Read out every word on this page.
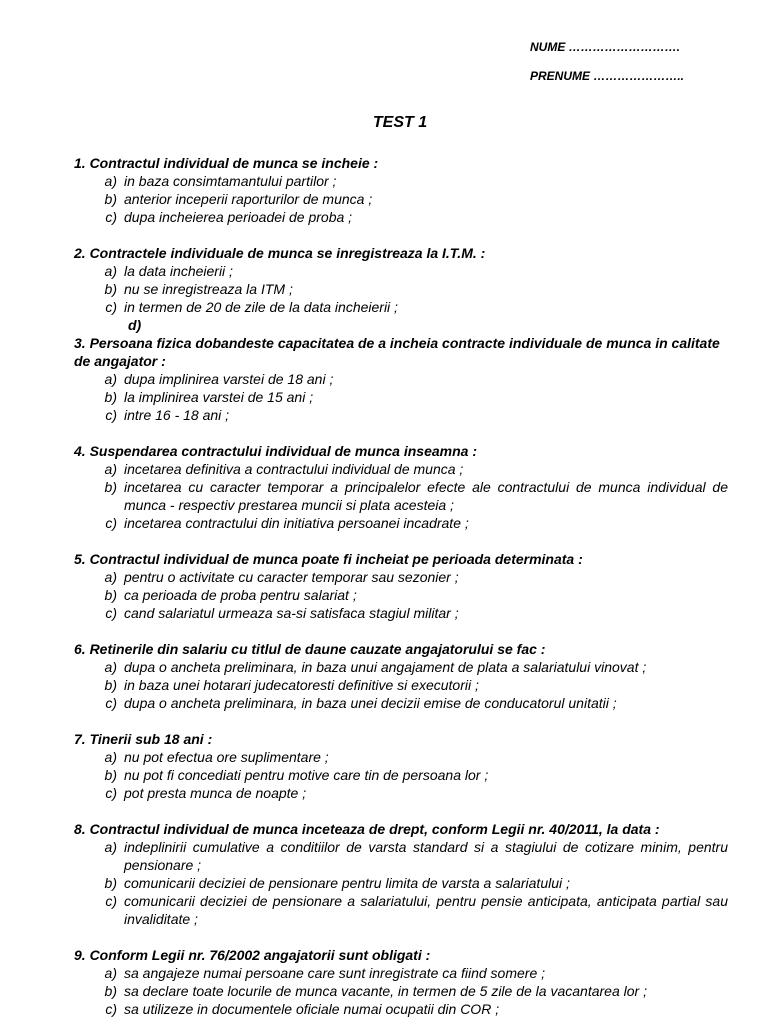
NUME ……………………….
PRENUME …………………..
TEST 1
1. Contractul individual de munca se incheie :
a) in baza consimtamantului partilor ;
b) anterior inceperii raporturilor de munca ;
c) dupa incheierea perioadei de proba ;
2. Contractele individuale de munca se inregistreaza la I.T.M. :
a) la data incheierii ;
b) nu se inregistreaza la ITM ;
c) in termen de 20 de zile de la data incheierii ;
d)
3. Persoana fizica dobandeste capacitatea de a incheia contracte individuale de munca in calitate de angajator :
a) dupa implinirea varstei de 18 ani ;
b) la implinirea varstei de 15 ani ;
c) intre 16 - 18 ani ;
4. Suspendarea contractului individual de munca inseamna :
a) incetarea definitiva a contractului individual de munca ;
b) incetarea cu caracter temporar a principalelor efecte ale contractului de munca individual de munca - respectiv prestarea muncii si plata acesteia ;
c) incetarea contractului din initiativa persoanei incadrate ;
5. Contractul individual de munca poate fi incheiat pe perioada determinata :
a) pentru o activitate cu caracter temporar sau sezonier ;
b) ca perioada de proba pentru salariat ;
c) cand salariatul urmeaza sa-si satisfaca stagiul militar ;
6. Retinerile din salariu cu titlul de daune cauzate angajatorului se fac :
a) dupa o ancheta preliminara, in baza unui angajament de plata a salariatului vinovat ;
b) in baza unei hotarari judecatoresti definitive si executorii ;
c) dupa o ancheta preliminara, in baza unei decizii emise de conducatorul unitatii ;
7. Tinerii sub 18 ani :
a) nu pot efectua ore suplimentare ;
b) nu pot fi concediati pentru motive care tin de persoana lor ;
c) pot presta munca de noapte ;
8. Contractul individual de munca inceteaza de drept, conform Legii nr. 40/2011, la data :
a) indeplinirii cumulative a conditiilor de varsta standard si a stagiului de cotizare minim, pentru pensionare ;
b) comunicarii deciziei de pensionare pentru limita de varsta a salariatului ;
c) comunicarii deciziei de pensionare a salariatului, pentru pensie anticipata, anticipata partial sau invaliditate ;
9. Conform Legii nr. 76/2002 angajatorii sunt obligati :
a) sa angajeze numai persoane care sunt inregistrate ca fiind somere ;
b) sa declare toate locurile de munca vacante, in termen de 5 zile de la vacantarea lor ;
c) sa utilizeze in documentele oficiale numai ocupatii din COR ;
